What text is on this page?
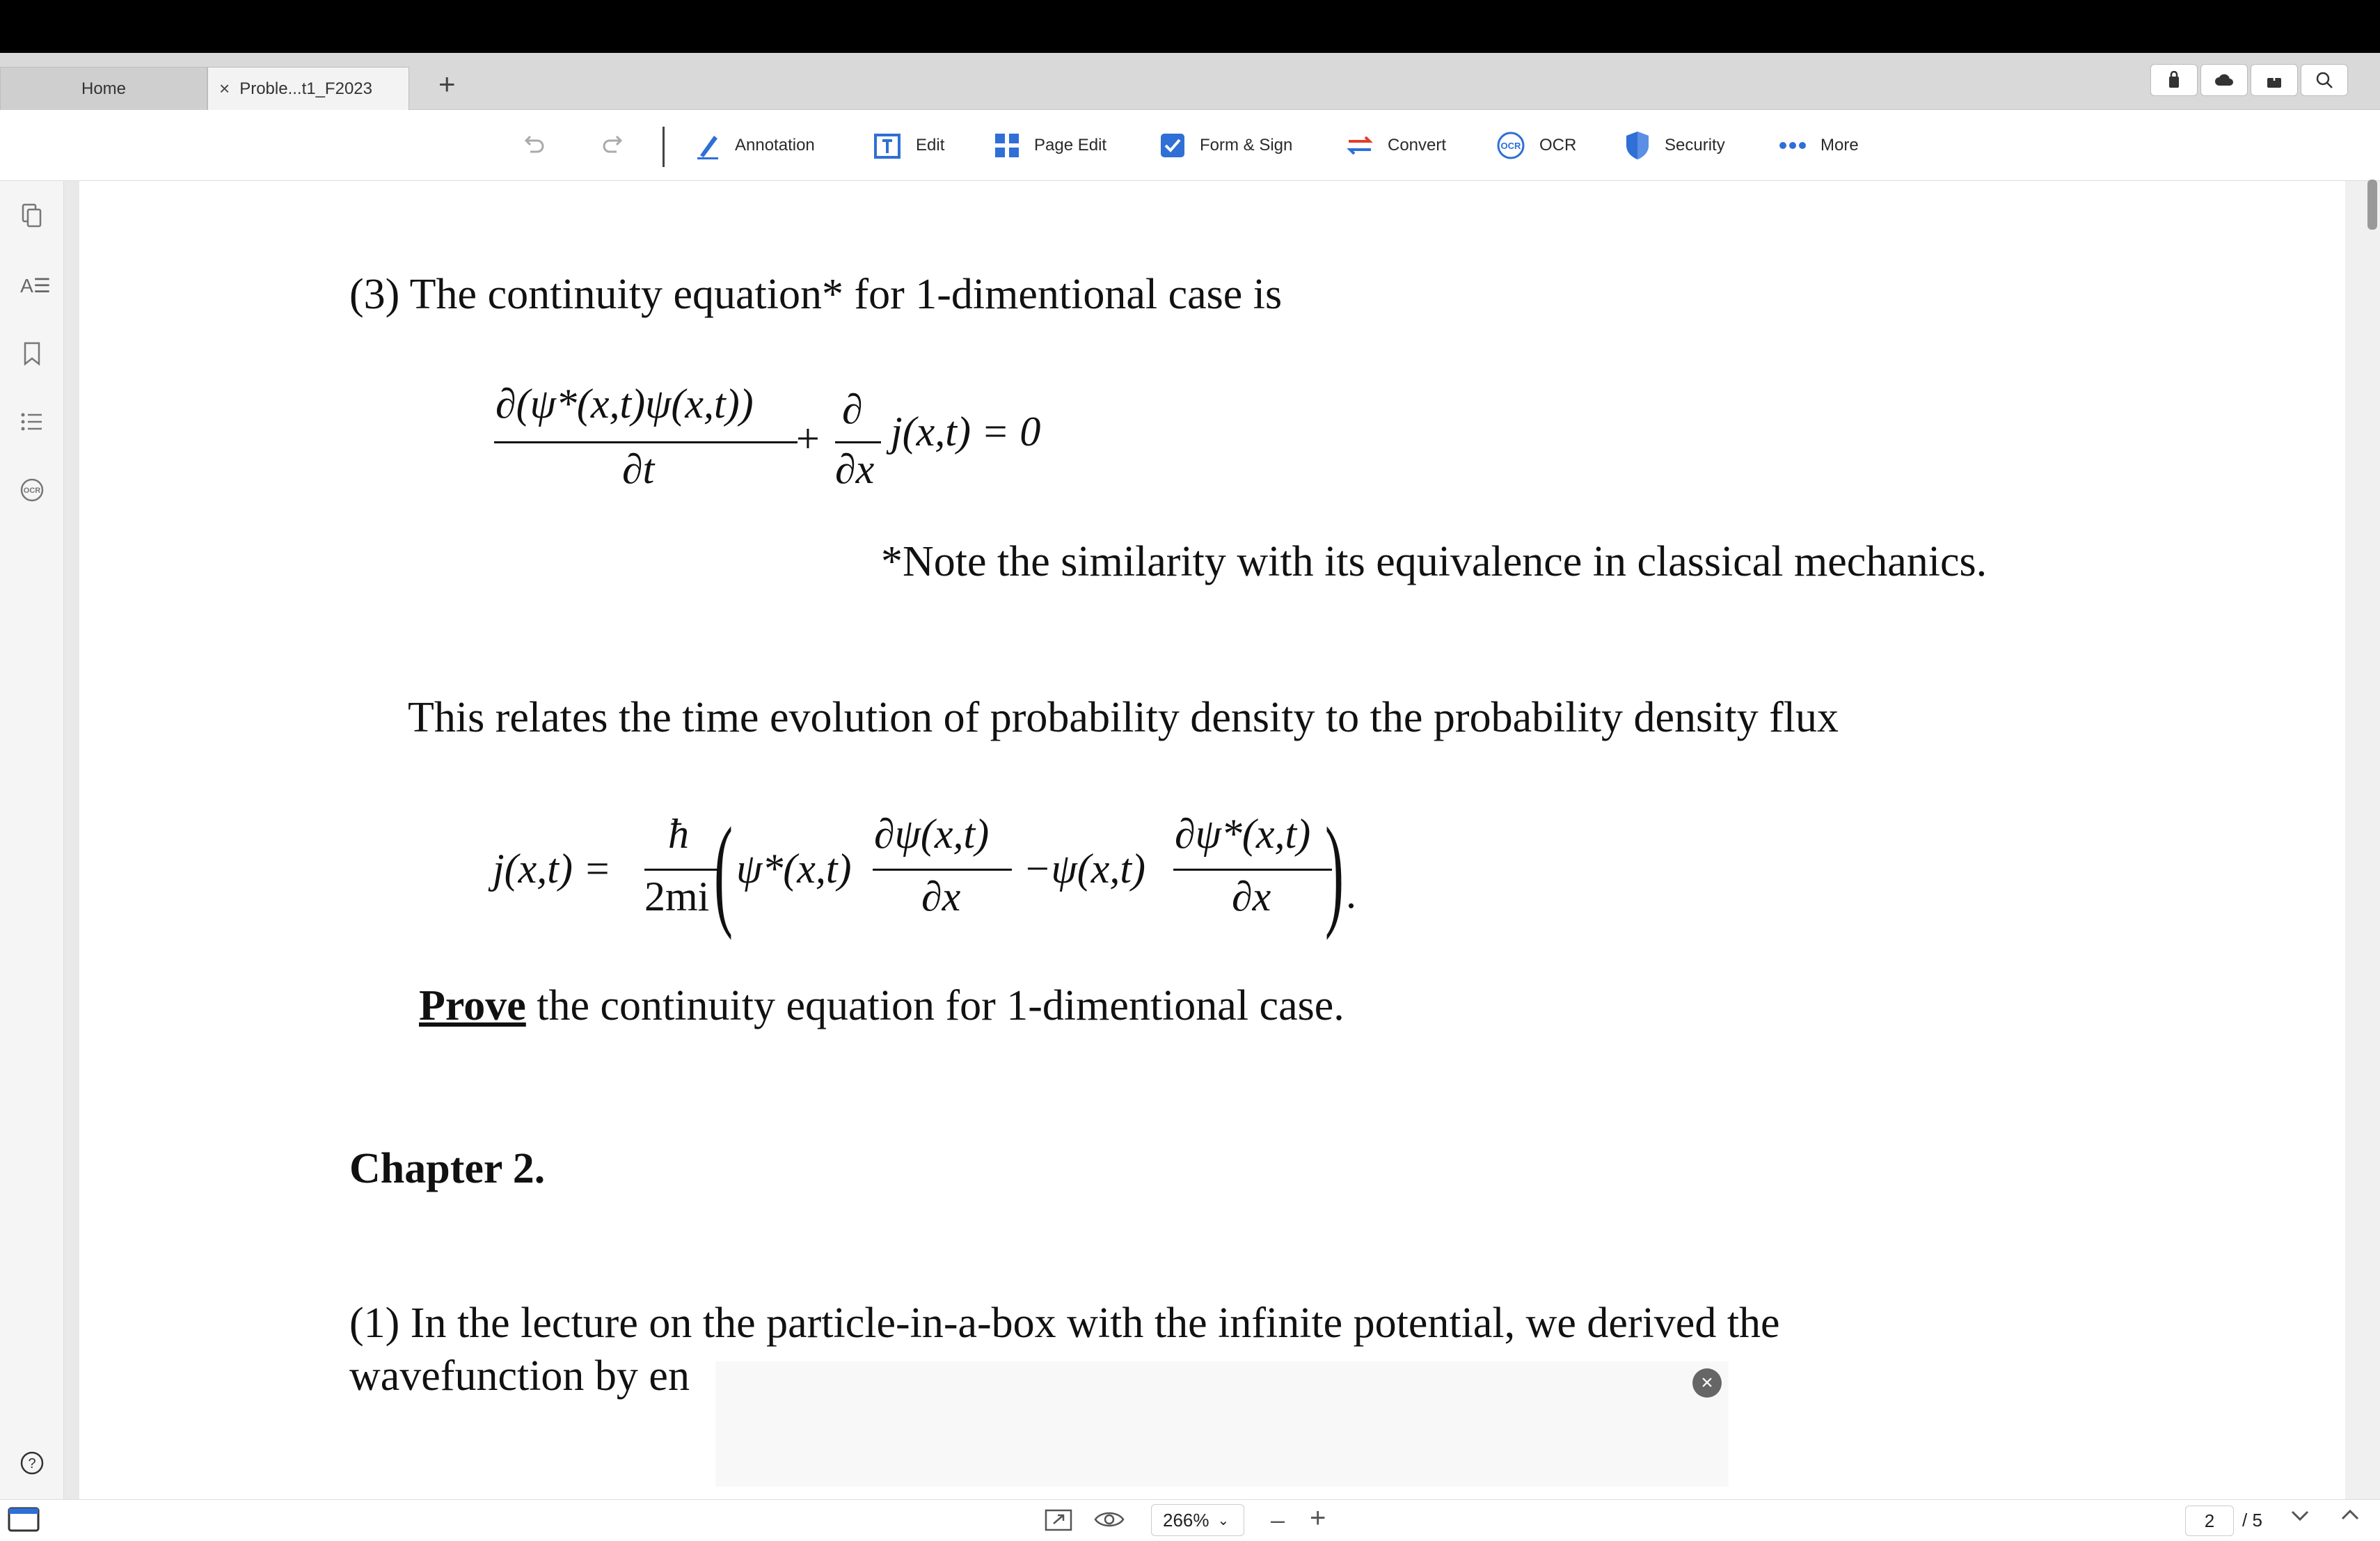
Home	× Proble...t1_F2023 +
Annotation	Edit	Page Edit	Form & Sign	Convert	OCR OCR	Security	More
A☰
OCR
?
(3) The continuity equation* for 1-dimentional case is
∂(ψ*(x,t)ψ(x,t))
∂t
+
∂
∂x
j(x,t) = 0
*Note the similarity with its equivalence in classical mechanics.
This relates the time evolution of probability density to the probability density flux
j(x,t) =
ħ
2mi ( ψ*(x,t)
∂ψ(x,t)
∂x
−ψ(x,t)
∂ψ*(x,t)
∂x ) .
Prove the continuity equation for 1-dimentional case.
Chapter 2.
(1) In the lecture on the particle-in-a-box with the infinite potential, we derived the
wavefunction by en	×
266% ⌄ – +	2	/ 5
